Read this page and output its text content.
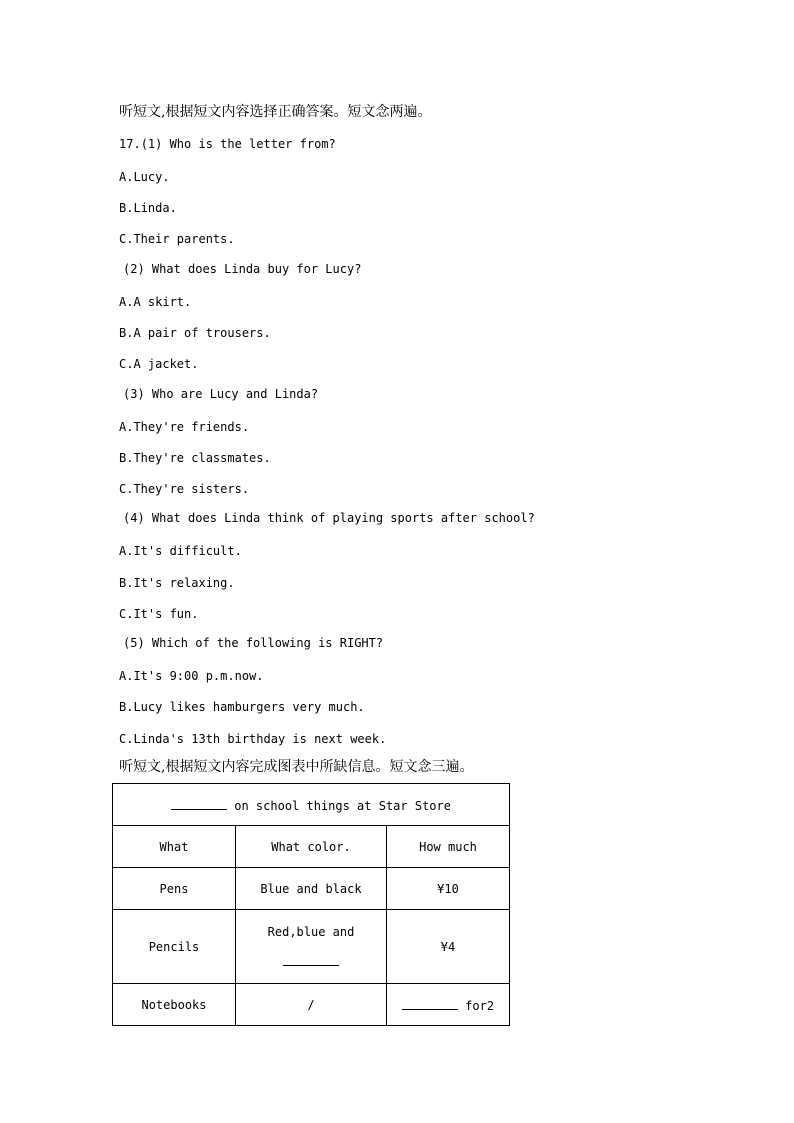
听短文,根据短文内容选择正确答案。短文念两遍。
17.(1) Who is the letter from?
A.Lucy.
B.Linda.
C.Their parents.
(2) What does Linda buy for Lucy?
A.A skirt.
B.A pair of trousers.
C.A jacket.
(3) Who are Lucy and Linda?
A.They're friends.
B.They're classmates.
C.They're sisters.
(4) What does Linda think of playing sports after school?
A.It's difficult.
B.It's relaxing.
C.It's fun.
(5) Which of the following is RIGHT?
A.It's 9:00 p.m.now.
B.Lucy likes hamburgers very much.
C.Linda's 13th birthday is next week.
听短文,根据短文内容完成图表中所缺信息。短文念三遍。
on school things at Star Store		
What	What color.	How much
Pens	Blue and black	¥10
Pencils	Red,blue and	¥4
Notebooks	/	for2
